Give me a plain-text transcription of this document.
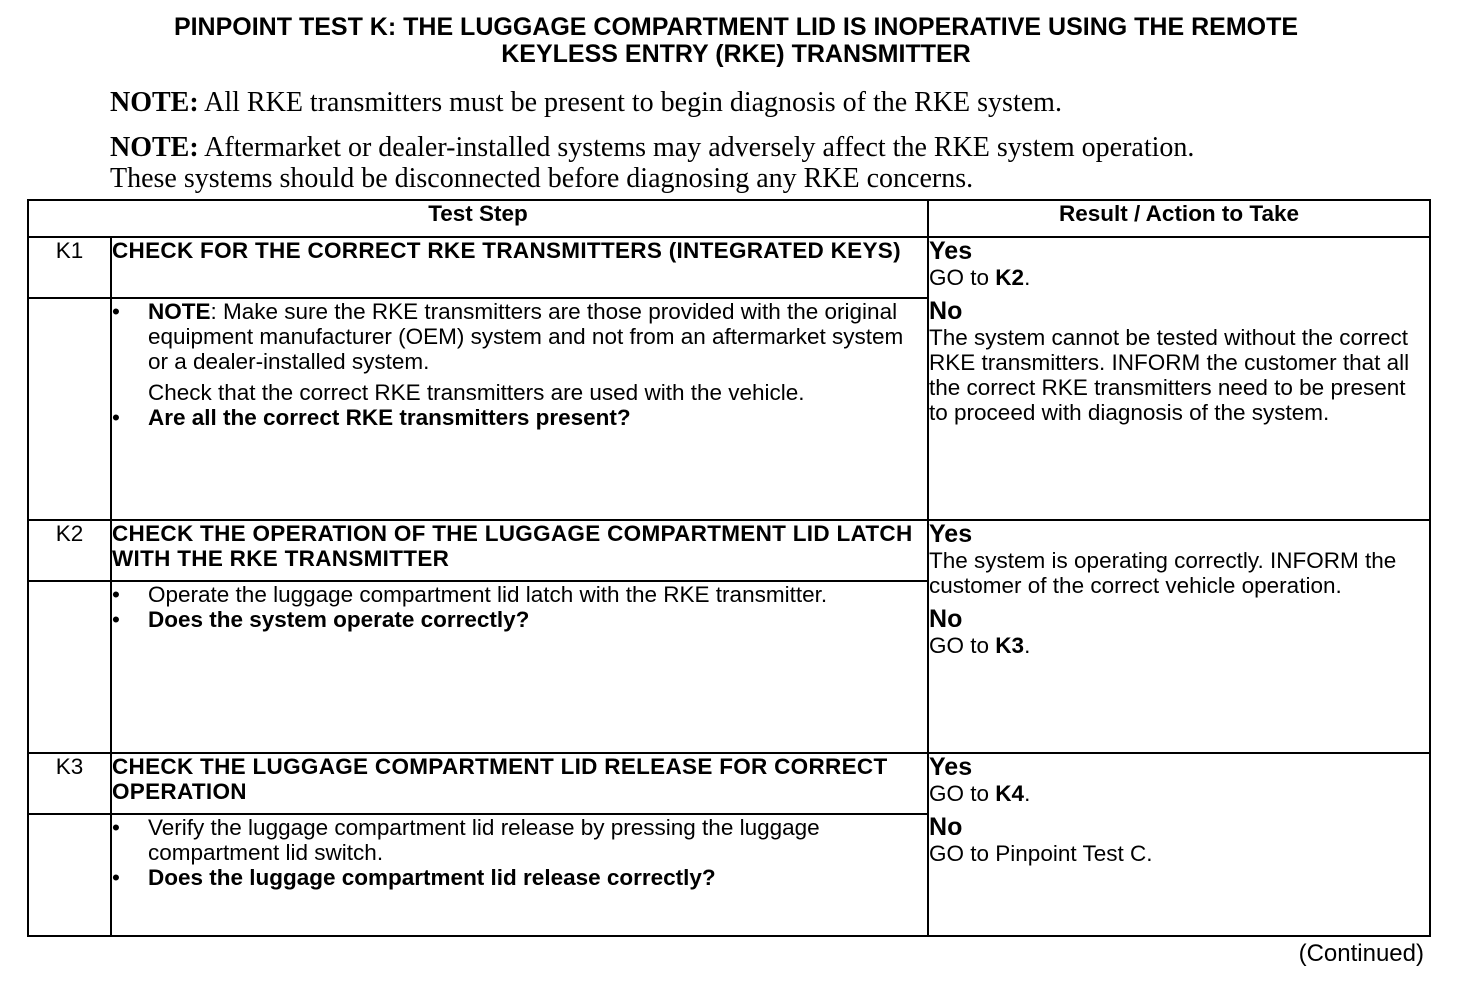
PINPOINT TEST K: THE LUGGAGE COMPARTMENT LID IS INOPERATIVE USING THE REMOTE
KEYLESS ENTRY (RKE) TRANSMITTER
NOTE: All RKE transmitters must be present to begin diagnosis of the RKE system.
NOTE: Aftermarket or dealer-installed systems may adversely affect the RKE system operation. These systems should be disconnected before diagnosing any RKE concerns.
Test Step		Result / Action to Take
K1	CHECK FOR THE CORRECT RKE TRANSMITTERS (INTEGRATED KEYS)	Yes
GO to K2.
No
The system cannot be tested without the correct RKE transmitters. INFORM the customer that all the correct RKE transmitters need to be present to proceed with diagnosis of the system.

	• NOTE: Make sure the RKE transmitters are those provided with the original equipment manufacturer (OEM) system and not from an aftermarket system or a dealer-installed system.
Check that the correct RKE transmitters are used with the vehicle.
• Are all the correct RKE transmitters present?	

K2	CHECK THE OPERATION OF THE LUGGAGE COMPARTMENT LID LATCH WITH THE RKE TRANSMITTER	Yes
The system is operating correctly. INFORM the customer of the correct vehicle operation.
No
GO to K3.

	• Operate the luggage compartment lid latch with the RKE transmitter.
• Does the system operate correctly?	

K3	CHECK THE LUGGAGE COMPARTMENT LID RELEASE FOR CORRECT OPERATION	Yes
GO to K4.
No
GO to Pinpoint Test C.

	• Verify the luggage compartment lid release by pressing the luggage compartment lid switch.
• Does the luggage compartment lid release correctly?	
(Continued)
